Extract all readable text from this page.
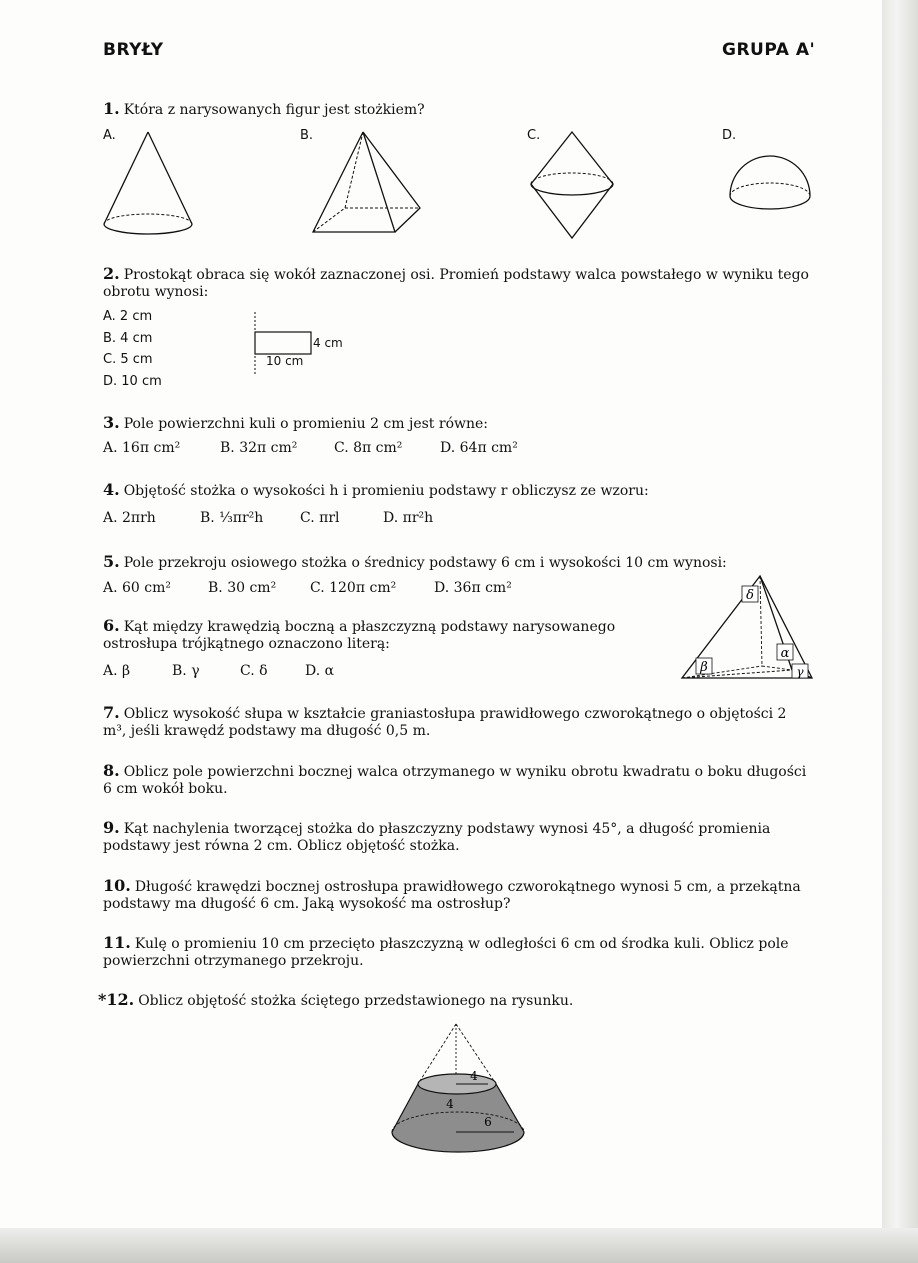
BRYŁY	GRUPA A'
1. Która z narysowanych figur jest stożkiem?
A.	B.	C.	D.
2. Prostokąt obraca się wokół zaznaczonej osi. Promień podstawy walca powstałego w wyniku tego obrotu wynosi:
A. 2 cm
B. 4 cm
C. 5 cm
D. 10 cm
4 cm
10 cm
3. Pole powierzchni kuli o promieniu 2 cm jest równe:
A. 16π cm²	B. 32π cm²	C. 8π cm²	D. 64π cm²
4. Objętość stożka o wysokości h i promieniu podstawy r obliczysz ze wzoru:
A. 2πrh	B. ⅓πr²h	C. πrl	D. πr²h
5. Pole przekroju osiowego stożka o średnicy podstawy 6 cm i wysokości 10 cm wynosi:
A. 60 cm²	B. 30 cm² C. 120π cm²	D. 36π cm²
6. Kąt między krawędzią boczną a płaszczyzną podstawy narysowanego ostrosłupa trójkątnego oznaczono literą:
A. β	B. γ	C. δ	D. α
δ
α
β	γ
7. Oblicz wysokość słupa w kształcie graniastosłupa prawidłowego czworokątnego o objętości 2 m³, jeśli krawędź podstawy ma długość 0,5 m.
8. Oblicz pole powierzchni bocznej walca otrzymanego w wyniku obrotu kwadratu o boku długości 6 cm wokół boku.
9. Kąt nachylenia tworzącej stożka do płaszczyzny podstawy wynosi 45°, a długość promienia podstawy jest równa 2 cm. Oblicz objętość stożka.
10. Długość krawędzi bocznej ostrosłupa prawidłowego czworokątnego wynosi 5 cm, a przekątna podstawy ma długość 6 cm. Jaką wysokość ma ostrosłup?
11. Kulę o promieniu 10 cm przecięto płaszczyzną w odległości 6 cm od środka kuli. Oblicz pole powierzchni otrzymanego przekroju.
*12. Oblicz objętość stożka ściętego przedstawionego na rysunku.
4
4
6
